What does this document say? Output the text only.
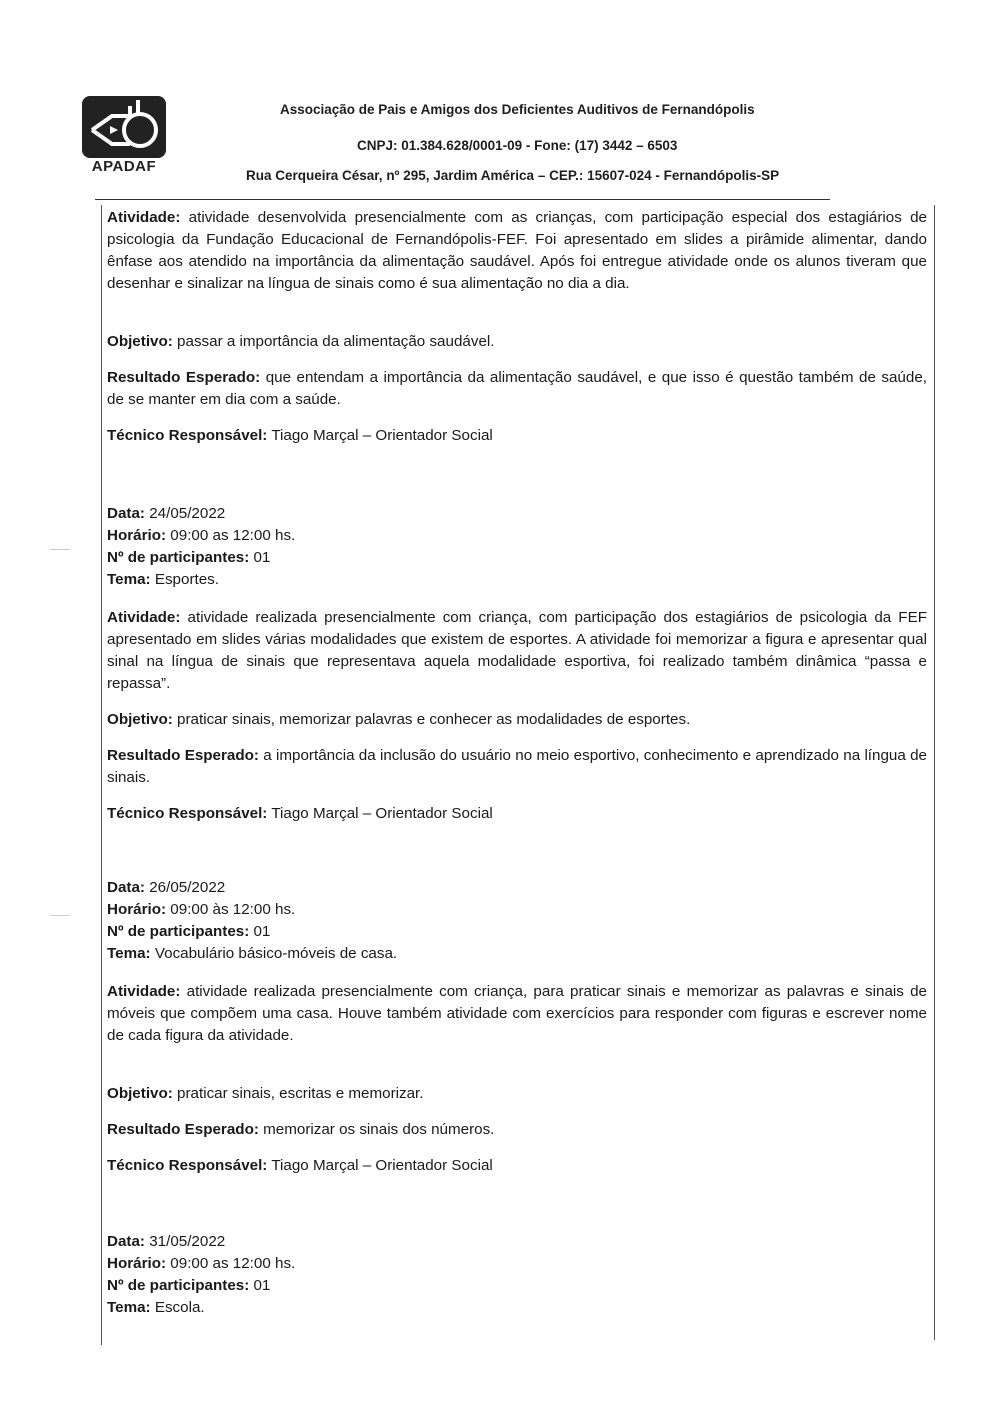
APADAF
Associação de Pais e Amigos dos Deficientes Auditivos de Fernandópolis
CNPJ: 01.384.628/0001-09 - Fone: (17) 3442 – 6503
Rua Cerqueira César, nº 295, Jardim América – CEP.: 15607-024 - Fernandópolis-SP

Atividade: atividade desenvolvida presencialmente com as crianças, com participação especial dos estagiários de psicologia da Fundação Educacional de Fernandópolis-FEF. Foi apresentado em slides a pirâmide alimentar, dando ênfase aos atendido na importância da alimentação saudável. Após foi entregue atividade onde os alunos tiveram que desenhar e sinalizar na língua de sinais como é sua alimentação no dia a dia.

Objetivo: passar a importância da alimentação saudável.

Resultado Esperado: que entendam a importância da alimentação saudável, e que isso é questão também de saúde, de se manter em dia com a saúde.

Técnico Responsável: Tiago Marçal – Orientador Social

Data: 24/05/2022

Horário: 09:00 as 12:00 hs.

Nº de participantes: 01

Tema: Esportes.

Atividade: atividade realizada presencialmente com criança, com participação dos estagiários de psicologia da FEF apresentado em slides várias modalidades que existem de esportes. A atividade foi memorizar a figura e apresentar qual sinal na língua de sinais que representava aquela modalidade esportiva, foi realizado também dinâmica “passa e repassa”.

Objetivo: praticar sinais, memorizar palavras e conhecer as modalidades de esportes.

Resultado Esperado: a importância da inclusão do usuário no meio esportivo, conhecimento e aprendizado na língua de sinais.

Técnico Responsável: Tiago Marçal – Orientador Social

Data: 26/05/2022

Horário: 09:00 às 12:00 hs.

Nº de participantes: 01

Tema: Vocabulário básico-móveis de casa.

Atividade: atividade realizada presencialmente com criança, para praticar sinais e memorizar as palavras e sinais de móveis que compõem uma casa. Houve também atividade com exercícios para responder com figuras e escrever nome de cada figura da atividade.

Objetivo: praticar sinais, escritas e memorizar.

Resultado Esperado: memorizar os sinais dos números.

Técnico Responsável: Tiago Marçal – Orientador Social

Data: 31/05/2022

Horário: 09:00 as 12:00 hs.

Nº de participantes: 01

Tema: Escola.
